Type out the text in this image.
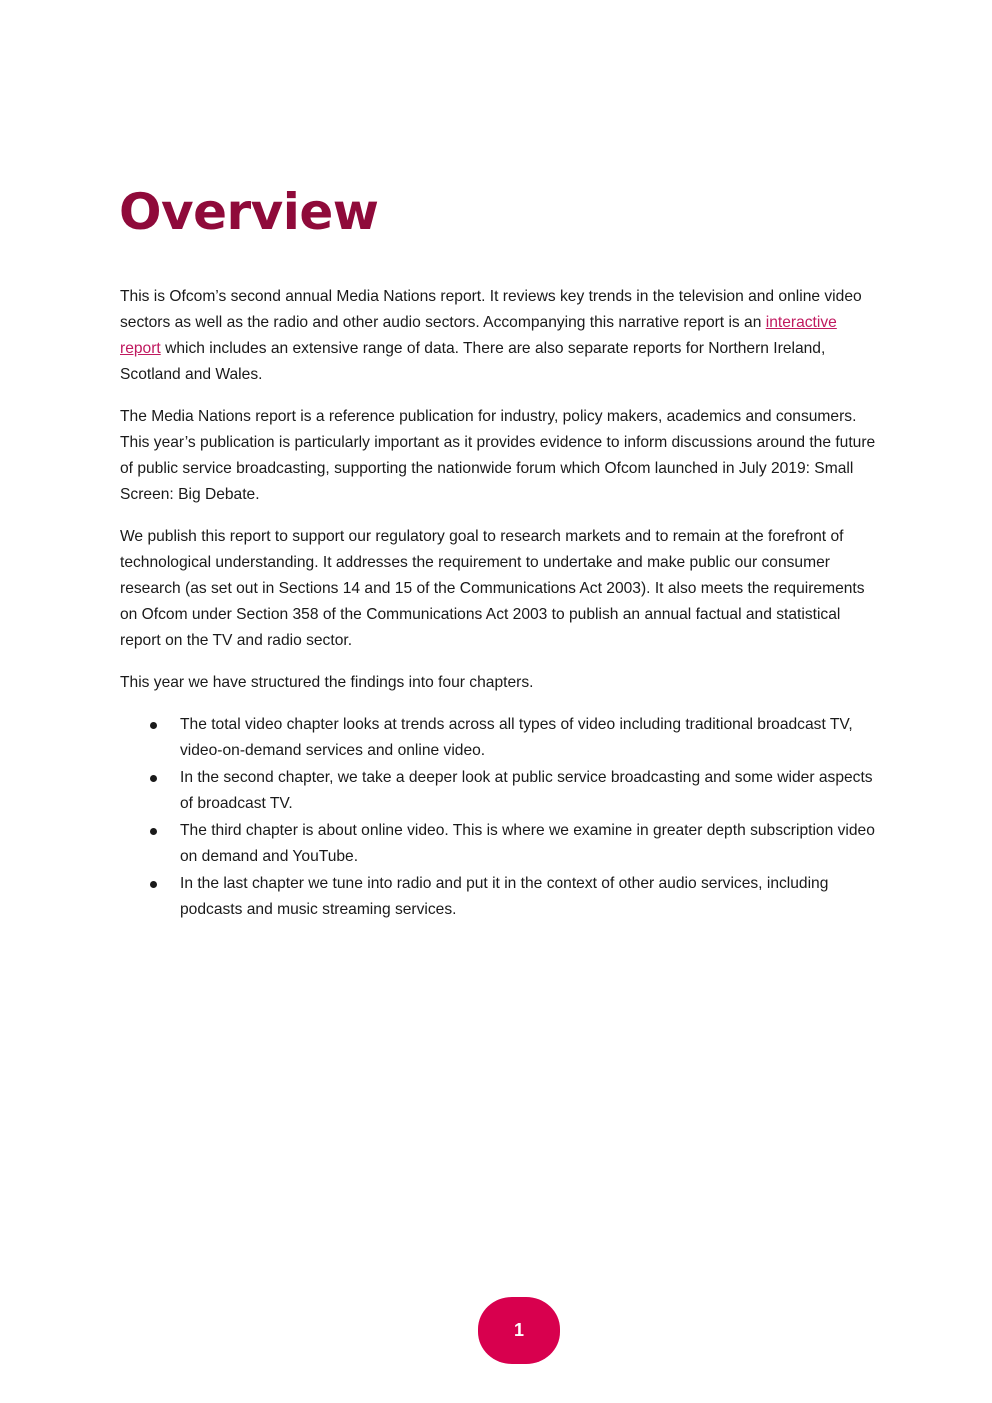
Overview

This is Ofcom’s second annual Media Nations report. It reviews key trends in the television and online video sectors as well as the radio and other audio sectors. Accompanying this narrative report is an interactive report which includes an extensive range of data. There are also separate reports for Northern Ireland, Scotland and Wales.

The Media Nations report is a reference publication for industry, policy makers, academics and consumers. This year’s publication is particularly important as it provides evidence to inform discussions around the future of public service broadcasting, supporting the nationwide forum which Ofcom launched in July 2019: Small Screen: Big Debate.

We publish this report to support our regulatory goal to research markets and to remain at the forefront of technological understanding. It addresses the requirement to undertake and make public our consumer research (as set out in Sections 14 and 15 of the Communications Act 2003). It also meets the requirements on Ofcom under Section 358 of the Communications Act 2003 to publish an annual factual and statistical report on the TV and radio sector.

This year we have structured the findings into four chapters.

The total video chapter looks at trends across all types of video including traditional broadcast TV, video-on-demand services and online video.
In the second chapter, we take a deeper look at public service broadcasting and some wider aspects of broadcast TV.
The third chapter is about online video. This is where we examine in greater depth subscription video on demand and YouTube.
In the last chapter we tune into radio and put it in the context of other audio services, including podcasts and music streaming services.
1
